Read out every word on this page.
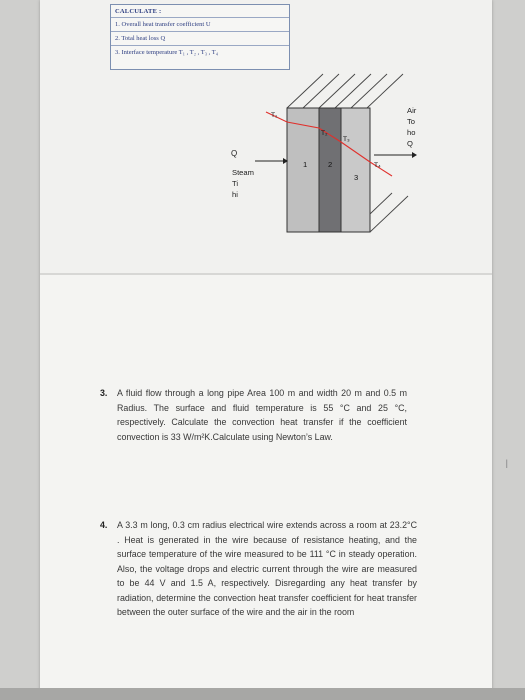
CALCULATE :
1. Overall heat transfer coefficient U
2. Total heat loss Q
3. Interface temperature T₁ , T₂ , T₃ , T₄
Q
Steam
Ti
hi
Air
To
ho
Q
1	2
3
T₁
T₂
T₃
T₄
3. A fluid flow through a long pipe Area 100 m and width 20 m and 0.5 m Radius. The surface and fluid temperature is 55 °C and 25 °C, respectively. Calculate the convection heat transfer if the coefficient convection is 33 W/m²K.Calculate using Newton’s Law.
4. A 3.3 m long, 0.3 cm radius electrical wire extends across a room at 23.2°C . Heat is generated in the wire because of resistance heating, and the surface temperature of the wire measured to be 111 °C in steady operation. Also, the voltage drops and electric current through the wire are measured to be 44 V and 1.5 A, respectively. Disregarding any heat transfer by radiation, determine the convection heat transfer coefficient for heat transfer between the outer surface of the wire and the air in the room
I
